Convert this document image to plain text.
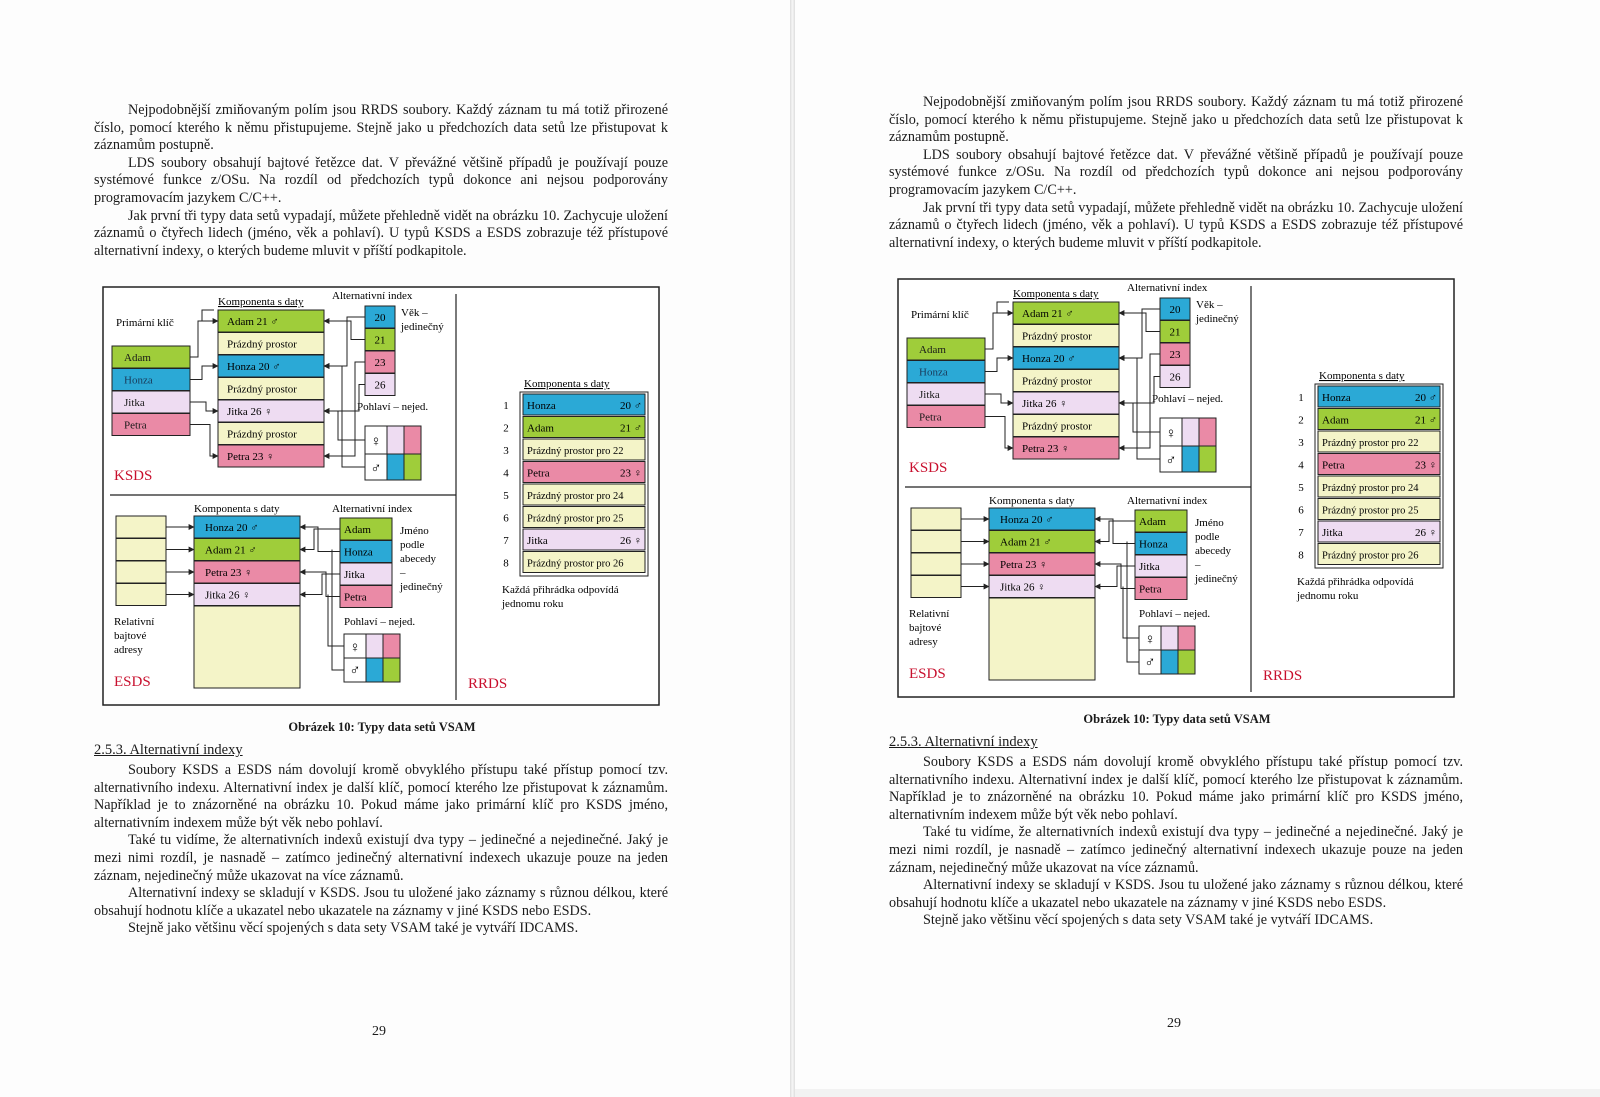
Nejpodobnější zmiňovaným polím jsou RRDS soubory. Každý záznam tu má totiž přirozené číslo, pomocí kterého k němu přistupujeme. Stejně jako u předchozích data setů lze přistupovat k záznamům postupně.

LDS soubory obsahují bajtové řetězce dat. V převážné většině případů je používají pouze systémové funkce z/OSu. Na rozdíl od předchozích typů dokonce ani nejsou podporovány programovacím jazykem C/C++.

Jak první tři typy data setů vypadají, můžete přehledně vidět na obrázku 10. Zachycuje uložení záznamů o čtyřech lidech (jméno, věk a pohlaví). U typů KSDS a ESDS zobrazuje též přístupové alternativní indexy, o kterých budeme mluvit v příští podkapitole.

Primární klíč
Adam
Honza
Jitka
Petra
Komponenta s daty
Adam 21 ♂
Prázdný prostor
Honza 20 ♂
Prázdný prostor
Jitka 26 ♀
Prázdný prostor
Petra 23 ♀
Alternativní index
20
21
23
26
Věk –
jedinečný
Pohlaví – nejed.
♀
♂
KSDS
Komponenta s daty
Honza 20 ♂
Adam 21 ♂
Petra 23 ♀
Jitka 26 ♀
Relativní
bajtové
adresy
Alternativní index
Adam
Honza
Jitka
Petra
Jméno
podle
abecedy
–
jedinečný
Pohlaví – nejed.
♀
♂
ESDS
Komponenta s daty
1 Honza	20 ♂
2 Adam	21 ♂
3 Prázdný prostor pro 22
4 Petra	23 ♀
5 Prázdný prostor pro 24
6 Prázdný prostor pro 25
7 Jitka	26 ♀
8 Prázdný prostor pro 26
Každá přihrádka odpovídá
jednomu roku
RRDS
Obrázek 10: Typy data setů VSAM
2.5.3. Alternativní indexy

Soubory KSDS a ESDS nám dovolují kromě obvyklého přístupu také přístup pomocí tzv. alternativního indexu. Alternativní index je další klíč, pomocí kterého lze přistupovat k záznamům. Například je to znázorněné na obrázku 10. Pokud máme jako primární klíč pro KSDS jméno, alternativním indexem může být věk nebo pohlaví.

Také tu vidíme, že alternativních indexů existují dva typy – jedinečné a nejedinečné. Jaký je mezi nimi rozdíl, je nasnadě – zatímco jedinečný alternativní indexech ukazuje pouze na jeden záznam, nejedinečný může ukazovat na více záznamů.

Alternativní indexy se skladují v KSDS. Jsou tu uložené jako záznamy s různou délkou, které obsahují hodnotu klíče a ukazatel nebo ukazatele na záznamy v jiné KSDS nebo ESDS.

Stejně jako většinu věcí spojených s data sety VSAM také je vytváří IDCAMS.

29

Nejpodobnější zmiňovaným polím jsou RRDS soubory. Každý záznam tu má totiž přirozené číslo, pomocí kterého k němu přistupujeme. Stejně jako u předchozích data setů lze přistupovat k záznamům postupně.

LDS soubory obsahují bajtové řetězce dat. V převážné většině případů je používají pouze systémové funkce z/OSu. Na rozdíl od předchozích typů dokonce ani nejsou podporovány programovacím jazykem C/C++.

Jak první tři typy data setů vypadají, můžete přehledně vidět na obrázku 10. Zachycuje uložení záznamů o čtyřech lidech (jméno, věk a pohlaví). U typů KSDS a ESDS zobrazuje též přístupové alternativní indexy, o kterých budeme mluvit v příští podkapitole.

Primární klíč
Adam
Honza
Jitka
Petra
Komponenta s daty
Adam 21 ♂
Prázdný prostor
Honza 20 ♂
Prázdný prostor
Jitka 26 ♀
Prázdný prostor
Petra 23 ♀
Alternativní index
20
21
23
26
Věk –
jedinečný
Pohlaví – nejed.
♀
♂
KSDS
Komponenta s daty
Honza 20 ♂
Adam 21 ♂
Petra 23 ♀
Jitka 26 ♀
Relativní
bajtové
adresy
Alternativní index
Adam
Honza
Jitka
Petra
Jméno
podle
abecedy
–
jedinečný
Pohlaví – nejed.
♀
♂
ESDS
Komponenta s daty
1 Honza	20 ♂
2 Adam	21 ♂
3 Prázdný prostor pro 22
4 Petra	23 ♀
5 Prázdný prostor pro 24
6 Prázdný prostor pro 25
7 Jitka	26 ♀
8 Prázdný prostor pro 26
Každá přihrádka odpovídá
jednomu roku
RRDS
Obrázek 10: Typy data setů VSAM
2.5.3. Alternativní indexy

Soubory KSDS a ESDS nám dovolují kromě obvyklého přístupu také přístup pomocí tzv. alternativního indexu. Alternativní index je další klíč, pomocí kterého lze přistupovat k záznamům. Například je to znázorněné na obrázku 10. Pokud máme jako primární klíč pro KSDS jméno, alternativním indexem může být věk nebo pohlaví.

Také tu vidíme, že alternativních indexů existují dva typy – jedinečné a nejedinečné. Jaký je mezi nimi rozdíl, je nasnadě – zatímco jedinečný alternativní indexech ukazuje pouze na jeden záznam, nejedinečný může ukazovat na více záznamů.

Alternativní indexy se skladují v KSDS. Jsou tu uložené jako záznamy s různou délkou, které obsahují hodnotu klíče a ukazatel nebo ukazatele na záznamy v jiné KSDS nebo ESDS.

Stejně jako většinu věcí spojených s data sety VSAM také je vytváří IDCAMS.

29
